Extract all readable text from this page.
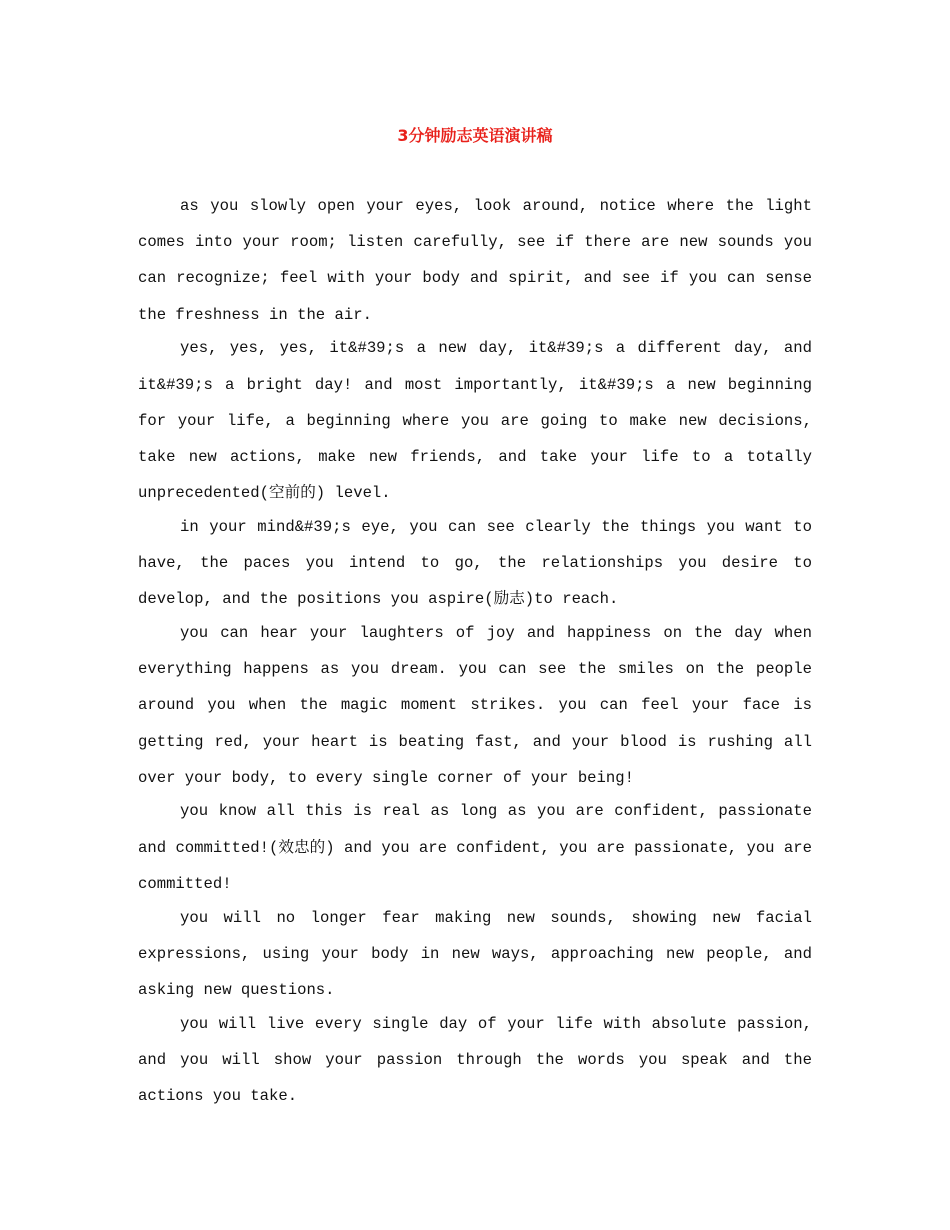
3分钟励志英语演讲稿

as you slowly open your eyes, look around, notice where the light comes into your room; listen carefully, see if there are new sounds you can recognize; feel with your body and spirit, and see if you can sense the freshness in the air.

yes, yes, yes, it&#39;s a new day, it&#39;s a different day, and it&#39;s a bright day! and most importantly, it&#39;s a new beginning for your life, a beginning where you are going to make new decisions, take new actions, make new friends, and take your life to a totally unprecedented(空前的) level.

in your mind&#39;s eye, you can see clearly the things you want to have, the paces you intend to go, the relationships you desire to develop, and the positions you aspire(励志)to reach.

you can hear your laughters of joy and happiness on the day when everything happens as you dream. you can see the smiles on the people around you when the magic moment strikes. you can feel your face is getting red, your heart is beating fast, and your blood is rushing all over your body, to every single corner of your being!

you know all this is real as long as you are confident, passionate and committed!(效忠的) and you are confident, you are passionate, you are committed!

you will no longer fear making new sounds, showing new facial expressions, using your body in new ways, approaching new people, and asking new questions.

you will live every single day of your life with absolute passion, and you will show your passion through the words you speak and the actions you take.
